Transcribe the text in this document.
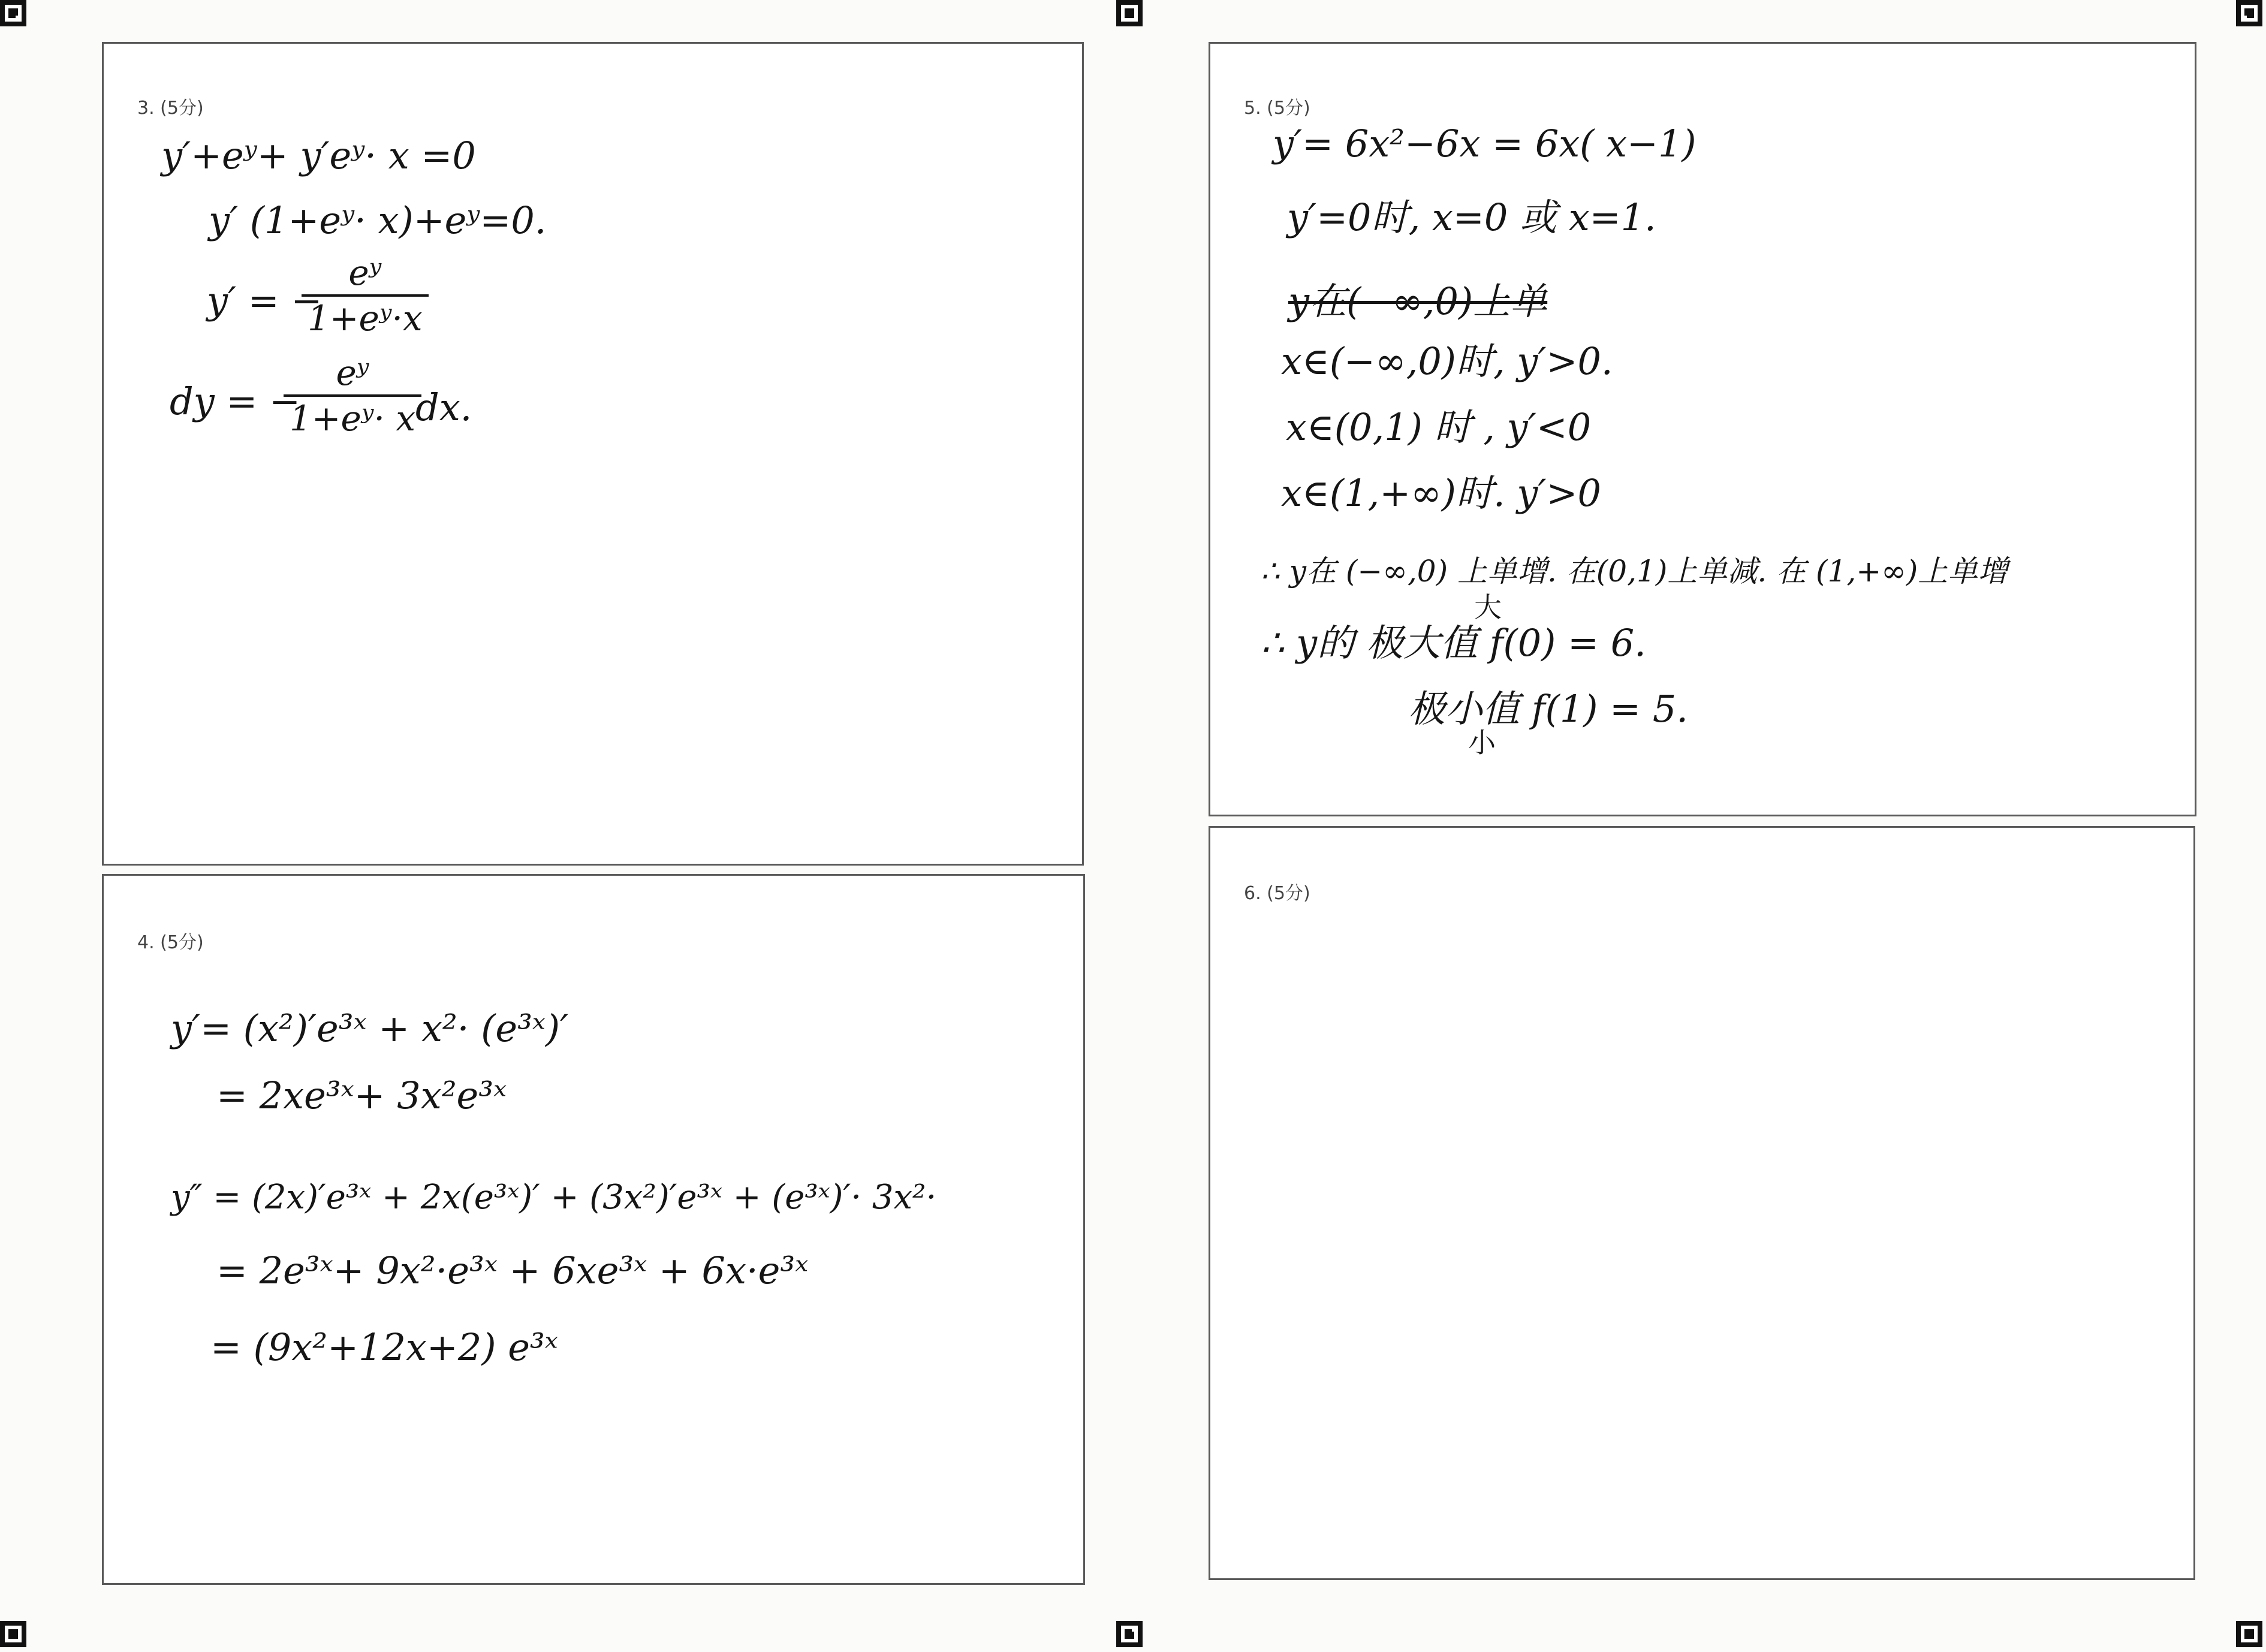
3. (5分)
y′+eʸ+ y′eʸ· x =0
y′ (1+eʸ· x)+eʸ=0.
y′ = −
eʸ
1+eʸ·x
dy = −
eʸ
1+eʸ· x dx.
4. (5分)
y′= (x²)′e³ˣ + x²· (e³ˣ)′
= 2xe³ˣ+ 3x²e³ˣ
y″ = (2x)′e³ˣ + 2x(e³ˣ)′ + (3x²)′e³ˣ + (e³ˣ)′· 3x²·
= 2e³ˣ+ 9x²·e³ˣ + 6xe³ˣ + 6x·e³ˣ
= (9x²+12x+2) e³ˣ
5. (5分)
y′= 6x²−6x = 6x( x−1)
y′=0时, x=0 或 x=1.
y在(−∞,0)上单
x∈(−∞,0)时, y′>0.
x∈(0,1) 时 , y′<0
x∈(1,+∞)时. y′>0
∴ y在 (−∞,0) 上单增. 在(0,1)上单减. 在 (1,+∞)上单增
大
∴ y的 极大值 f(0) = 6.
极小值 f(1) = 5.
小
6. (5分)
